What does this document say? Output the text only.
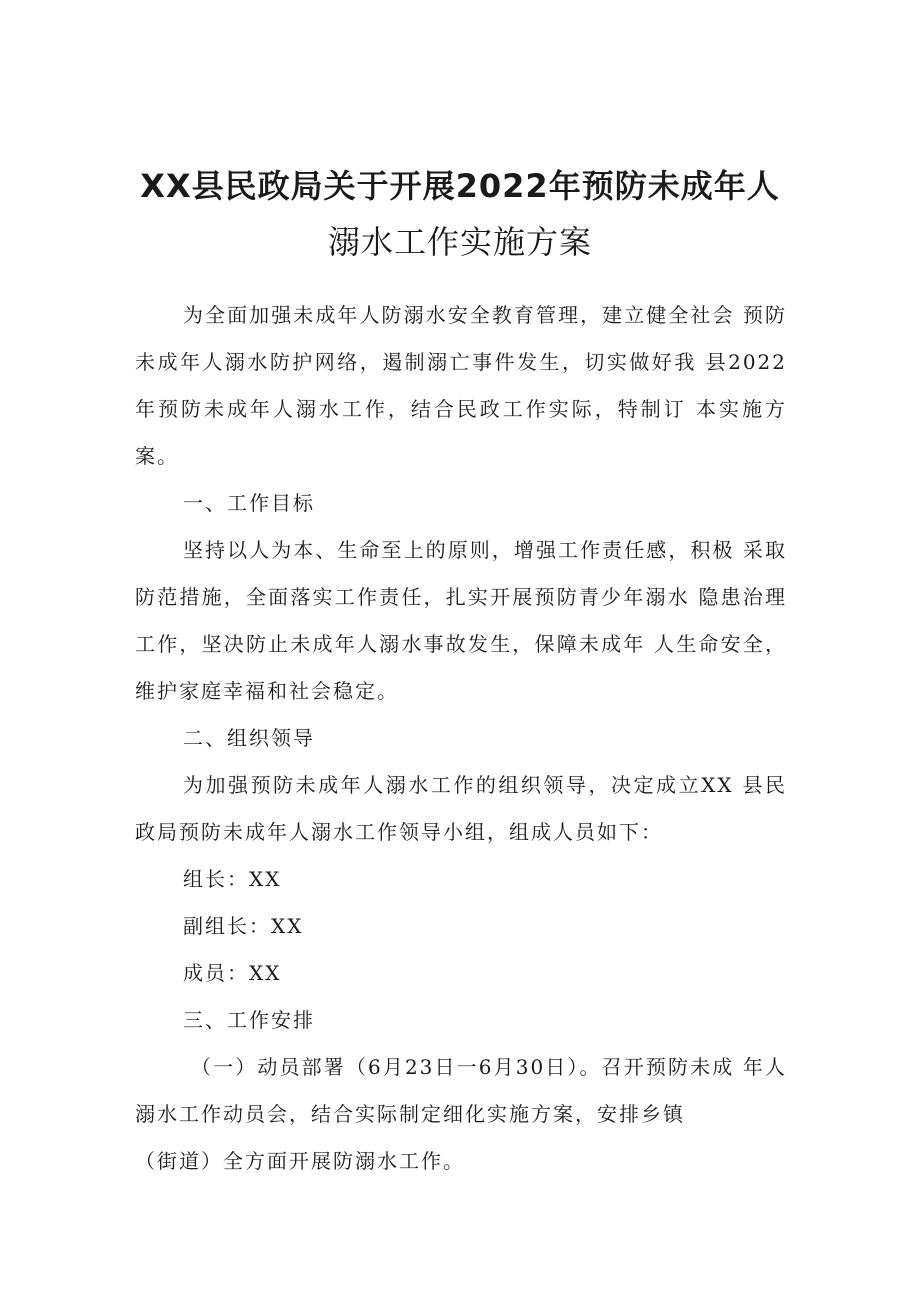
XX县民政局关于开展2022年预防未成年人
溺水工作实施方案

为全面加强未成年人防溺水安全教育管理，建立健全社会 预防未成年人溺水防护网络，遏制溺亡事件发生，切实做好我 县2022年预防未成年人溺水工作，结合民政工作实际，特制订 本实施方案。

一、工作目标

坚持以人为本、生命至上的原则，增强工作责任感，积极 采取防范措施，全面落实工作责任，扎实开展预防青少年溺水 隐患治理工作，坚决防止未成年人溺水事故发生，保障未成年 人生命安全，维护家庭幸福和社会稳定。

二、组织领导

为加强预防未成年人溺水工作的组织领导，决定成立XX 县民政局预防未成年人溺水工作领导小组，组成人员如下：

组长：XX

副组长：XX

成员：XX

三、工作安排

（一）动员部署（6月23日一6月30日）。召开预防未成 年人溺水工作动员会，结合实际制定细化实施方案，安排乡镇

（街道）全方面开展防溺水工作。
